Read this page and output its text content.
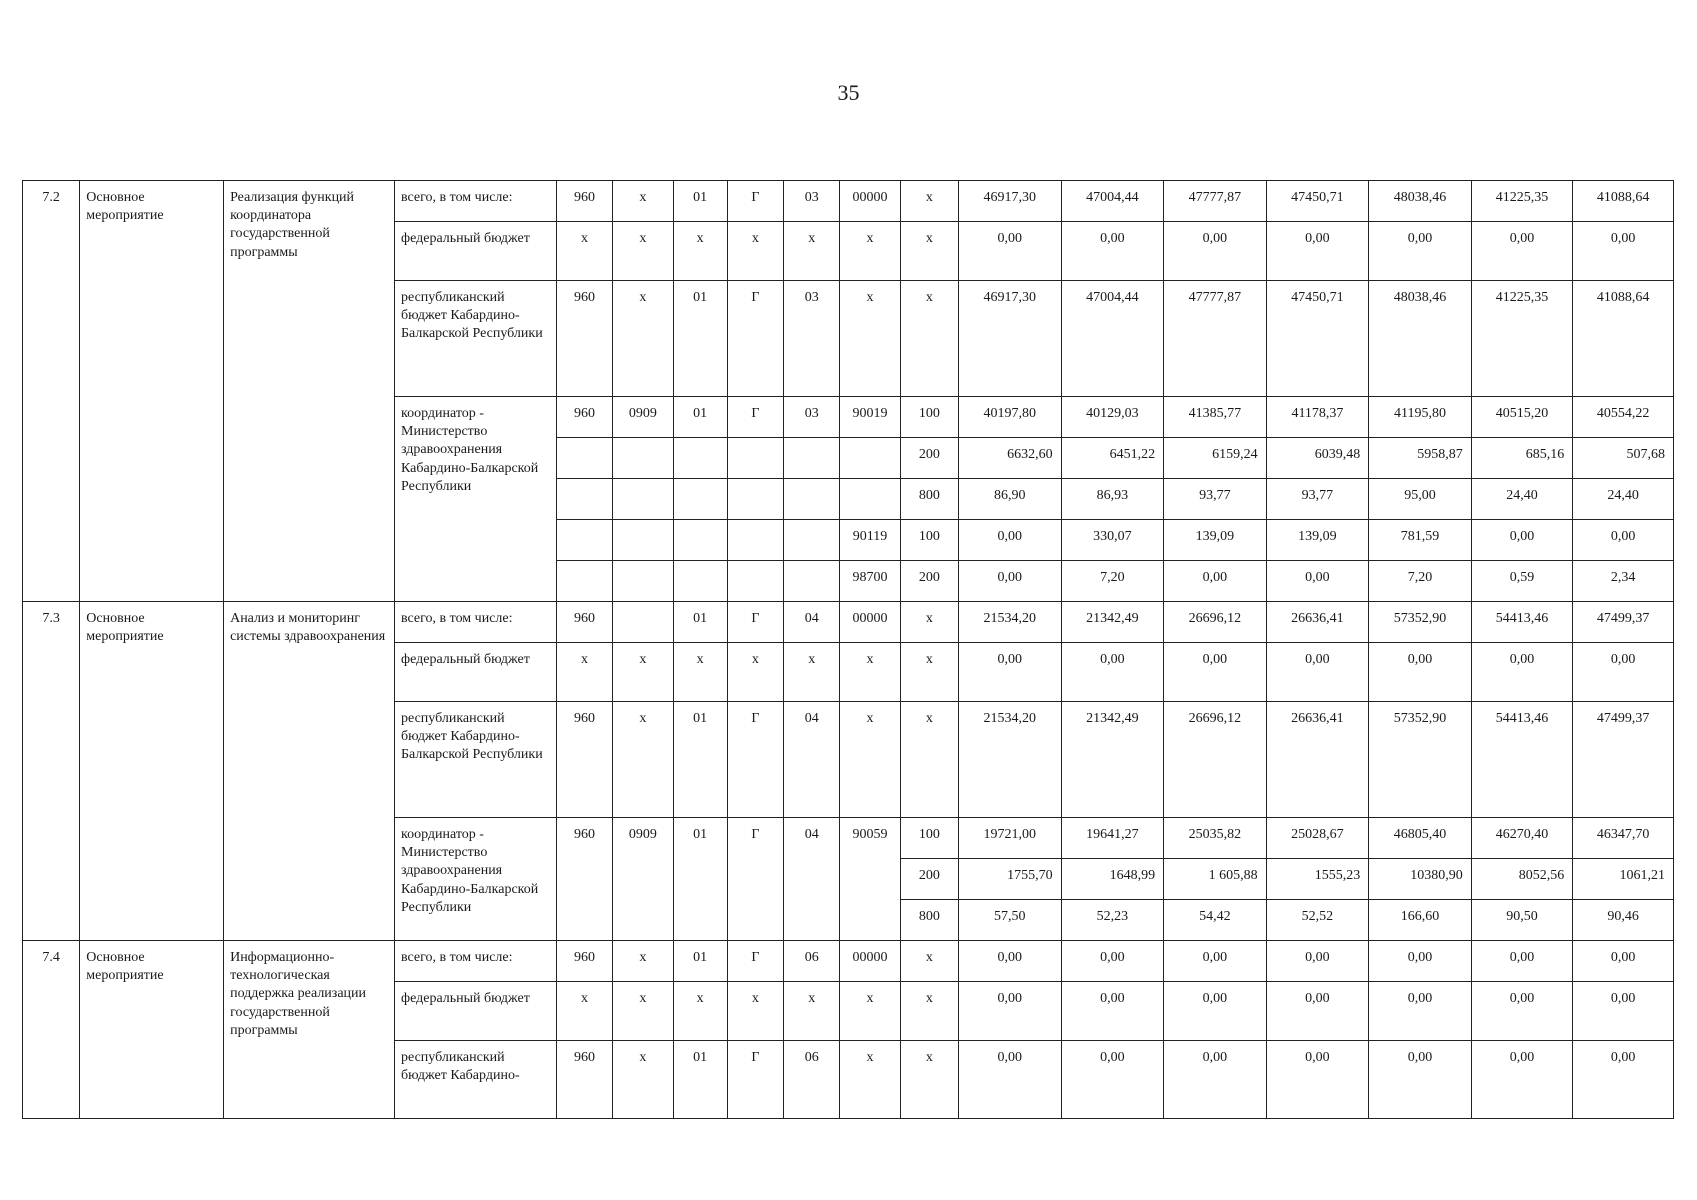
35
7.2	Основное мероприятие	Реализация функций координатора государственной программы	всего, в том числе:	960	х	01	Г	03	00000	х	46917,30	47004,44	47777,87	47450,71	48038,46	41225,35	41088,64
			федеральный бюджет	х	х	х	х	х	х	х	0,00	0,00	0,00	0,00	0,00	0,00	0,00
			республиканский бюджет Кабардино-Балкарской Республики	960	х	01	Г	03	х	х	46917,30	47004,44	47777,87	47450,71	48038,46	41225,35	41088,64
			координатор - Министерство здравоохранения Кабардино-Балкарской Республики	960	0909	01	Г	03	90019	100	40197,80	40129,03	41385,77	41178,37	41195,80	40515,20	40554,22
										200	6632,60	6451,22	6159,24	6039,48	5958,87	685,16	507,68
										800	86,90	86,93	93,77	93,77	95,00	24,40	24,40
									90119	100	0,00	330,07	139,09	139,09	781,59	0,00	0,00
									98700	200	0,00	7,20	0,00	0,00	7,20	0,59	2,34
7.3	Основное мероприятие	Анализ и мониторинг системы здравоохранения	всего, в том числе:	960		01	Г	04	00000	х	21534,20	21342,49	26696,12	26636,41	57352,90	54413,46	47499,37
			федеральный бюджет	х	х	х	х	х	х	х	0,00	0,00	0,00	0,00	0,00	0,00	0,00
			республиканский бюджет Кабардино-Балкарской Республики	960	х	01	Г	04	х	х	21534,20	21342,49	26696,12	26636,41	57352,90	54413,46	47499,37
			координатор - Министерство здравоохранения Кабардино-Балкарской Республики	960	0909	01	Г	04	90059	100	19721,00	19641,27	25035,82	25028,67	46805,40	46270,40	46347,70
										200	1755,70	1648,99	1 605,88	1555,23	10380,90	8052,56	1061,21
										800	57,50	52,23	54,42	52,52	166,60	90,50	90,46
7.4	Основное мероприятие	Информационно-технологическая поддержка реализации государственной программы	всего, в том числе:	960	х	01	Г	06	00000	х	0,00	0,00	0,00	0,00	0,00	0,00	0,00
			федеральный бюджет	х	х	х	х	х	х	х	0,00	0,00	0,00	0,00	0,00	0,00	0,00
			республиканский бюджет Кабардино-	960	х	01	Г	06	х	х	0,00	0,00	0,00	0,00	0,00	0,00	0,00
